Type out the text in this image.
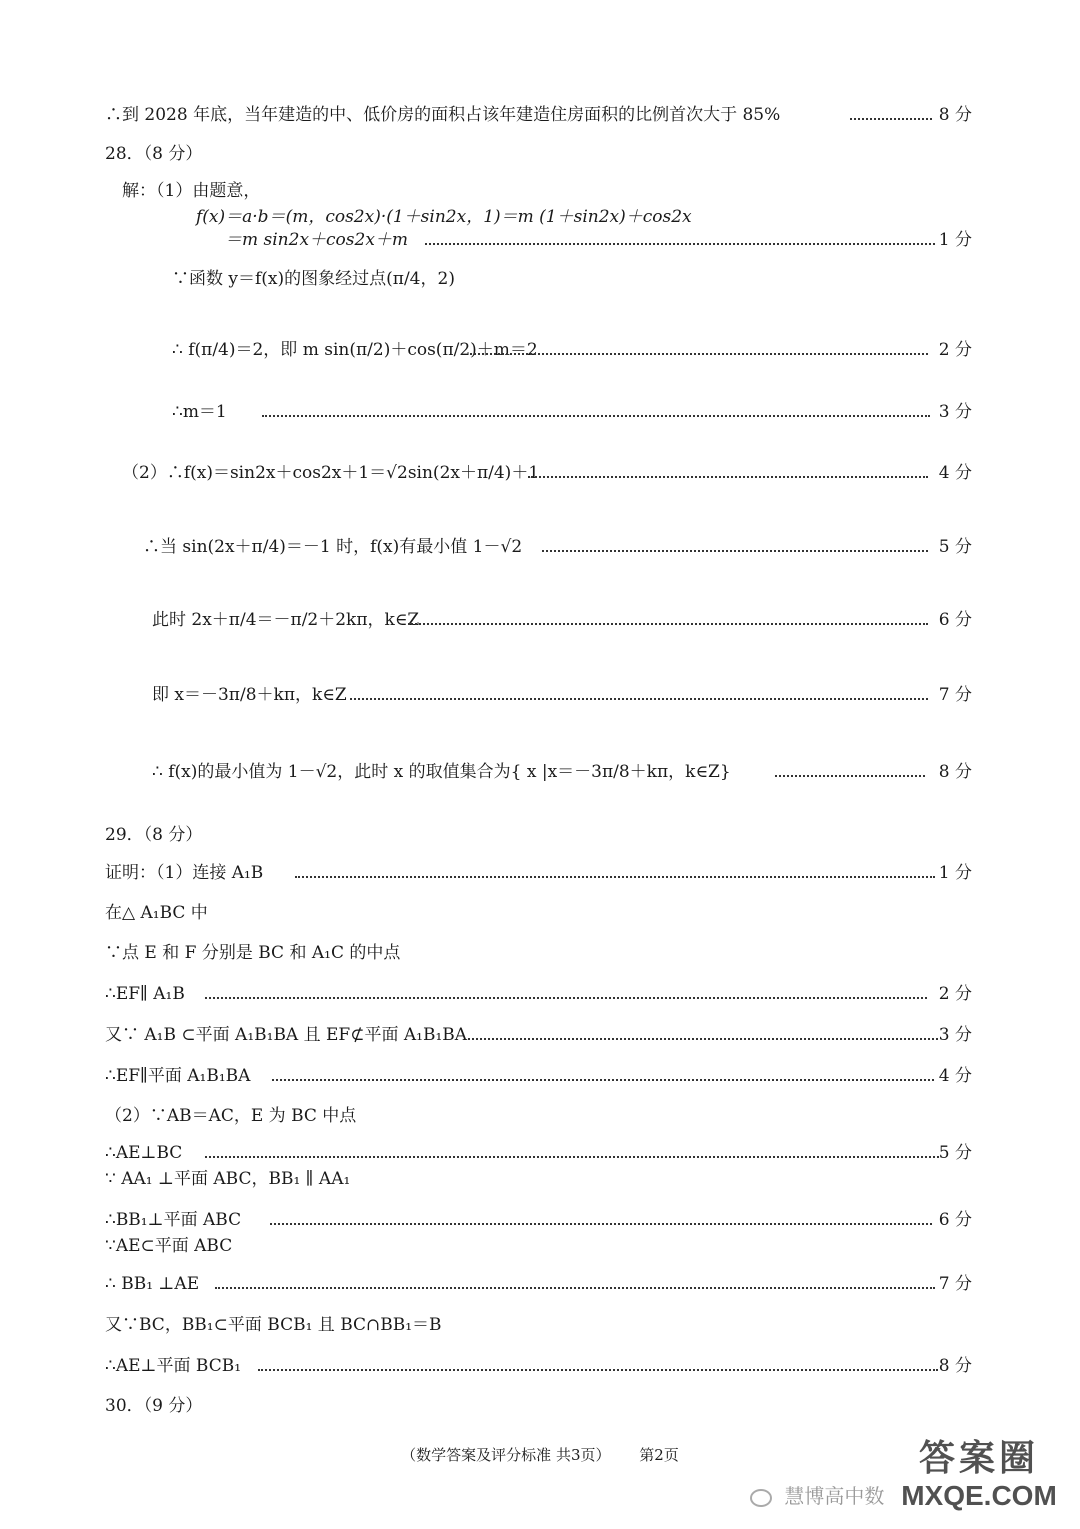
∴到 2028 年底，当年建造的中、低价房的面积占该年建造住房面积的比例首次大于 85%	8 分
28．（8 分）
解：（1）由题意，
f(x)＝a·b＝(m，cos2x)·(1＋sin2x，1)＝m (1＋sin2x)＋cos2x
＝m sin2x＋cos2x＋m	1 分
∵函数 y＝f(x)的图象经过点(π/4，2)
∴ f(π/4)＝2，即 m sin(π/2)＋cos(π/2)＋m＝2	2 分
∴m＝1	3 分
（2）∴f(x)＝sin2x＋cos2x＋1＝√2sin(2x＋π/4)＋1	4 分
∴当 sin(2x＋π/4)＝－1 时，f(x)有最小值 1－√2	5 分
此时 2x＋π/4＝－π/2＋2kπ，k∈Z	6 分
即 x＝－3π/8＋kπ，k∈Z	7 分
∴ f(x)的最小值为 1－√2，此时 x 的取值集合为{ x |x＝－3π/8＋kπ，k∈Z}	8 分
29．（8 分）
证明：（1）连接 A₁B	1 分
在△ A₁BC 中
∵点 E 和 F 分别是 BC 和 A₁C 的中点
∴EF∥ A₁B	2 分
又∵ A₁B ⊂平面 A₁B₁BA 且 EF⊄平面 A₁B₁BA	3 分
∴EF∥平面 A₁B₁BA	4 分
（2）∵AB＝AC，E 为 BC 中点
∴AE⊥BC	5 分
∵ AA₁ ⊥平面 ABC，BB₁ ∥ AA₁
∴BB₁⊥平面 ABC	6 分
∵AE⊂平面 ABC
∴ BB₁ ⊥AE	7 分
又∵BC，BB₁⊂平面 BCB₁ 且 BC∩BB₁＝B
∴AE⊥平面 BCB₁	8 分
30．（9 分）
（数学答案及评分标准 共3页） 第2页
慧博高中数
答案圈
MXQE.COM
